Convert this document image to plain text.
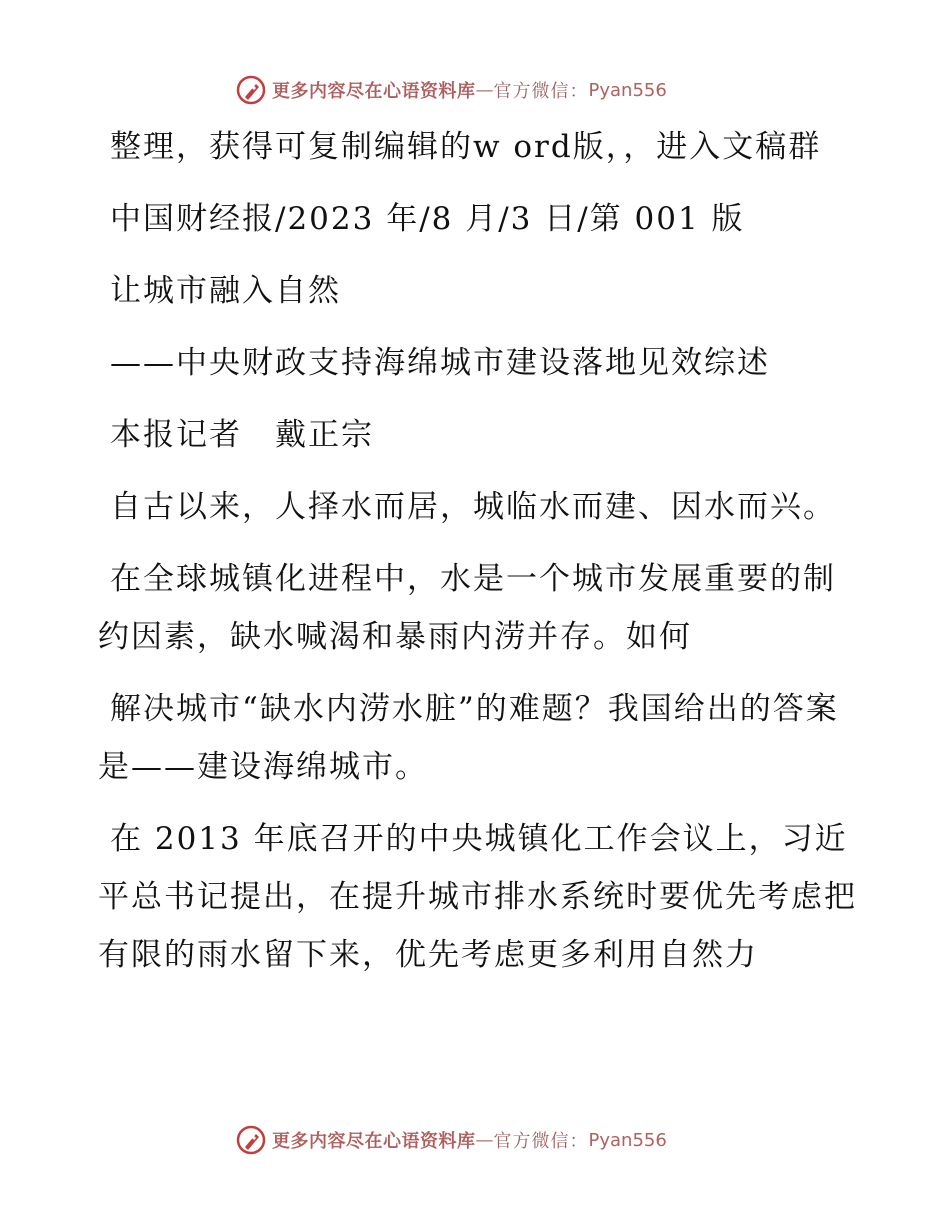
更多内容尽在心语资料库 — 官方微信： Pyan556

整理，获得可复制编辑的w ord版，，进入文稿群

中国财经报/2023 年/8 月/3 日/第 001 版

让城市融入自然

——中央财政支持海绵城市建设落地见效综述

本报记者　戴正宗

自古以来，人择水而居，城临水而建、因水而兴。

在全球城镇化进程中，水是一个城市发展重要的制约因素，缺水喊渴和暴雨内涝并存。如何

解决城市“缺水内涝水脏”的难题？我国给出的答案是——建设海绵城市。

在 2013 年底召开的中央城镇化工作会议上，习近平总书记提出，在提升城市排水系统时要优先考虑把有限的雨水留下来，优先考虑更多利用自然力

更多内容尽在心语资料库 — 官方微信： Pyan556
